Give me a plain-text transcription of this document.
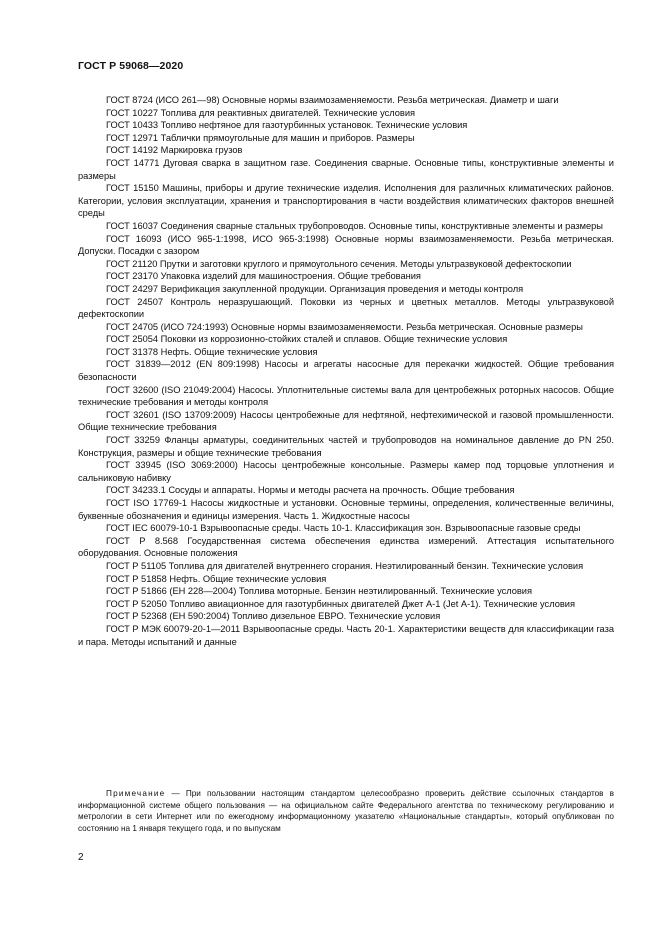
ГОСТ Р 59068—2020

ГОСТ 8724 (ИСО 261—98) Основные нормы взаимозаменяемости. Резьба метрическая. Диаметр и шаги

ГОСТ 10227 Топлива для реактивных двигателей. Технические условия

ГОСТ 10433 Топливо нефтяное для газотурбинных установок. Технические условия

ГОСТ 12971 Таблички прямоугольные для машин и приборов. Размеры

ГОСТ 14192 Маркировка грузов

ГОСТ 14771 Дуговая сварка в защитном газе. Соединения сварные. Основные типы, конструктивные элементы и размеры

ГОСТ 15150 Машины, приборы и другие технические изделия. Исполнения для различных климатических районов. Категории, условия эксплуатации, хранения и транспортирования в части воздействия климатических факторов внешней среды

ГОСТ 16037 Соединения сварные стальных трубопроводов. Основные типы, конструктивные элементы и размеры

ГОСТ 16093 (ИСО 965-1:1998, ИСО 965-3:1998) Основные нормы взаимозаменяемости. Резьба метрическая. Допуски. Посадки с зазором

ГОСТ 21120 Прутки и заготовки круглого и прямоугольного сечения. Методы ультразвуковой дефектоскопии

ГОСТ 23170 Упаковка изделий для машиностроения. Общие требования

ГОСТ 24297 Верификация закупленной продукции. Организация проведения и методы контроля

ГОСТ 24507 Контроль неразрушающий. Поковки из черных и цветных металлов. Методы ультразвуковой дефектоскопии

ГОСТ 24705 (ИСО 724:1993) Основные нормы взаимозаменяемости. Резьба метрическая. Основные размеры

ГОСТ 25054 Поковки из коррозионно-стойких сталей и сплавов. Общие технические условия

ГОСТ 31378 Нефть. Общие технические условия

ГОСТ 31839—2012 (EN 809:1998) Насосы и агрегаты насосные для перекачки жидкостей. Общие требования безопасности

ГОСТ 32600 (ISO 21049:2004) Насосы. Уплотнительные системы вала для центробежных роторных насосов. Общие технические требования и методы контроля

ГОСТ 32601 (ISO 13709:2009) Насосы центробежные для нефтяной, нефтехимической и газовой промышленности. Общие технические требования

ГОСТ 33259 Фланцы арматуры, соединительных частей и трубопроводов на номинальное давление до PN 250. Конструкция, размеры и общие технические требования

ГОСТ 33945 (ISO 3069:2000) Насосы центробежные консольные. Размеры камер под торцовые уплотнения и сальниковую набивку

ГОСТ 34233.1 Сосуды и аппараты. Нормы и методы расчета на прочность. Общие требования

ГОСТ ISO 17769-1 Насосы жидкостные и установки. Основные термины, определения, количественные величины, буквенные обозначения и единицы измерения. Часть 1. Жидкостные насосы

ГОСТ IEC 60079-10-1 Взрывоопасные среды. Часть 10-1. Классификация зон. Взрывоопасные газовые среды

ГОСТ Р 8.568 Государственная система обеспечения единства измерений. Аттестация испытательного оборудования. Основные положения

ГОСТ Р 51105 Топлива для двигателей внутреннего сгорания. Неэтилированный бензин. Технические условия

ГОСТ Р 51858 Нефть. Общие технические условия

ГОСТ Р 51866 (ЕН 228—2004) Топлива моторные. Бензин неэтилированный. Технические условия

ГОСТ Р 52050 Топливо авиационное для газотурбинных двигателей Джет А-1 (Jet А-1). Технические условия

ГОСТ Р 52368 (ЕН 590:2004) Топливо дизельное ЕВРО. Технические условия

ГОСТ Р МЭК 60079-20-1—2011 Взрывоопасные среды. Часть 20-1. Характеристики веществ для классификации газа и пара. Методы испытаний и данные

Примечание — При пользовании настоящим стандартом целесообразно проверить действие ссылочных стандартов в информационной системе общего пользования — на официальном сайте Федерального агентства по техническому регулированию и метрологии в сети Интернет или по ежегодному информационному указателю «Национальные стандарты», который опубликован по состоянию на 1 января текущего года, и по выпускам
2
